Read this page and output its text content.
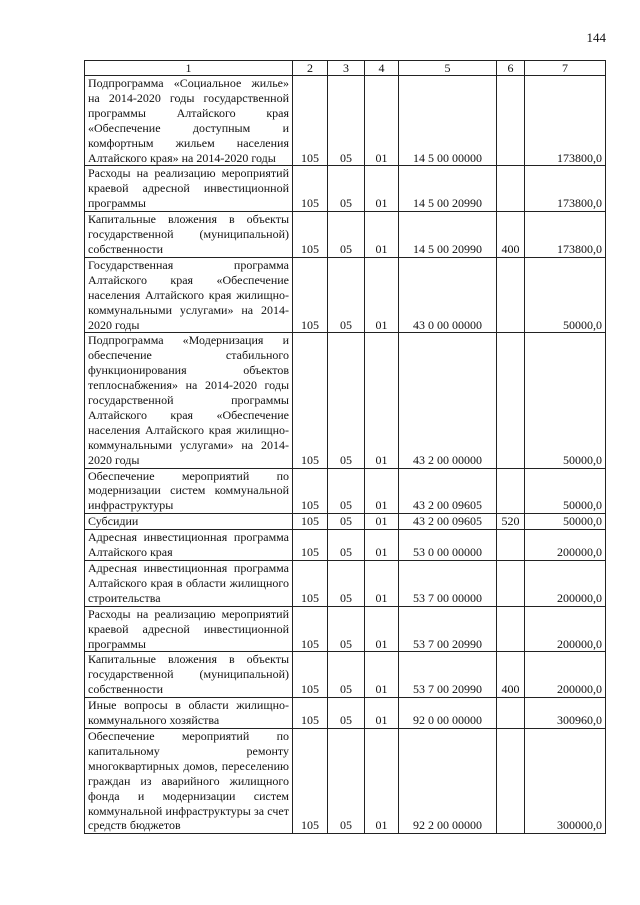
144
1	2	3	4	5	6	7
Подпрограмма «Социальное жилье» на 2014-2020 годы государственной программы Алтайского края «Обеспечение доступным и комфортным жильем населения Алтайского края» на 2014-2020 годы	105	05	01	14 5 00 00000		173800,0
Расходы на реализацию мероприятий краевой адресной инвестиционной программы	105	05	01	14 5 00 20990		173800,0
Капитальные вложения в объекты государственной (муниципальной) собственности	105	05	01	14 5 00 20990	400	173800,0
Государственная программа Алтайского края «Обеспечение населения Алтайского края жилищно-коммунальными услугами» на 2014-2020 годы	105	05	01	43 0 00 00000		50000,0
Подпрограмма «Модернизация и обеспечение стабильного функционирования объектов теплоснабжения» на 2014-2020 годы государственной программы Алтайского края «Обеспечение населения Алтайского края жилищно-коммунальными услугами» на 2014-2020 годы	105	05	01	43 2 00 00000		50000,0
Обеспечение мероприятий по модернизации систем коммунальной инфраструктуры	105	05	01	43 2 00 09605		50000,0
Субсидии	105	05	01	43 2 00 09605	520	50000,0
Адресная инвестиционная программа Алтайского края	105	05	01	53 0 00 00000		200000,0
Адресная инвестиционная программа Алтайского края в области жилищного строительства	105	05	01	53 7 00 00000		200000,0
Расходы на реализацию мероприятий краевой адресной инвестиционной программы	105	05	01	53 7 00 20990		200000,0
Капитальные вложения в объекты государственной (муниципальной) собственности	105	05	01	53 7 00 20990	400	200000,0
Иные вопросы в области жилищно-коммунального хозяйства	105	05	01	92 0 00 00000		300960,0
Обеспечение мероприятий по капитальному ремонту многоквартирных домов, переселению граждан из аварийного жилищного фонда и модернизации систем коммунальной инфраструктуры за счет средств бюджетов	105	05	01	92 2 00 00000		300000,0
